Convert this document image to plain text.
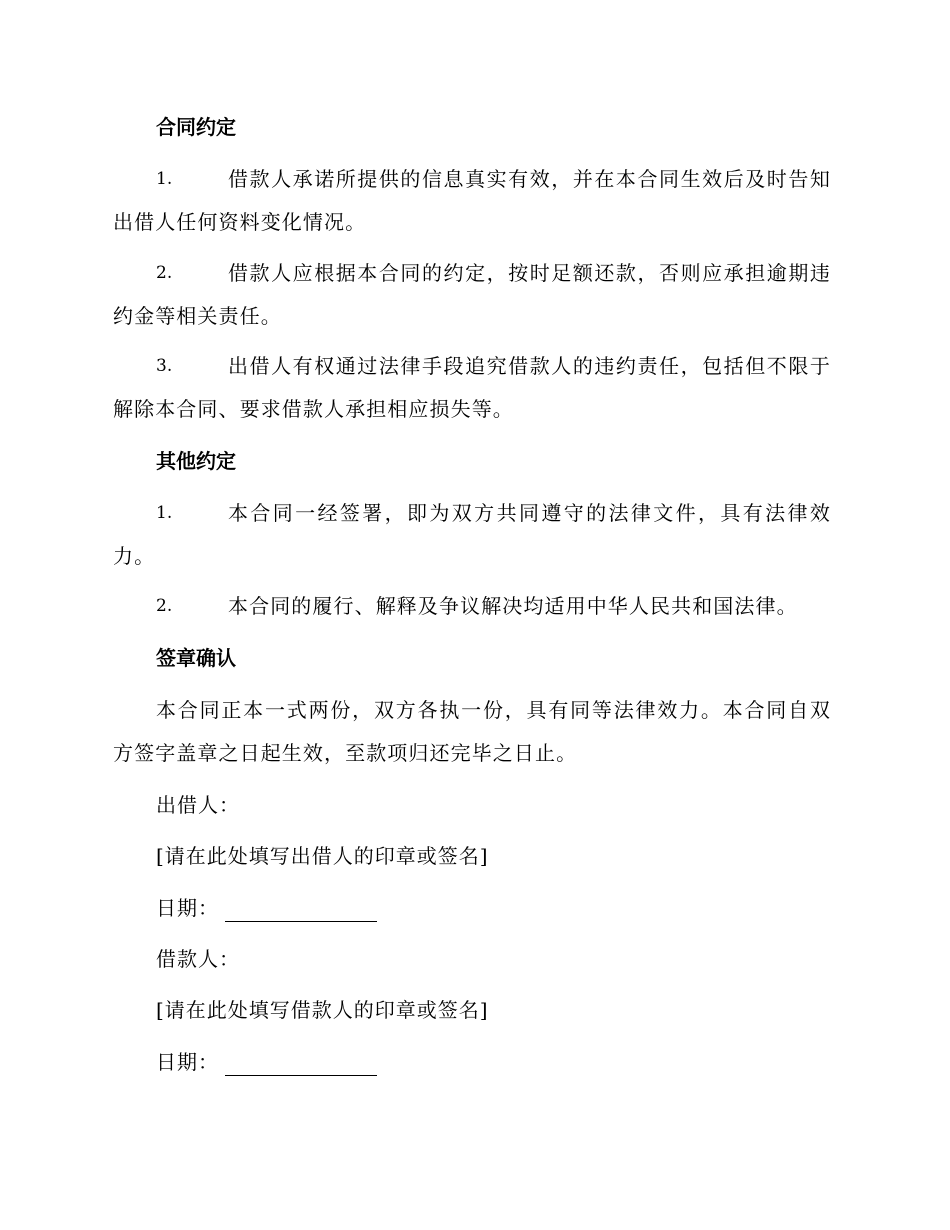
合同约定
1.	借款人承诺所提供的信息真实有效，并在本合同生效后及时告知出借人任何资料变化情况。
2.	借款人应根据本合同的约定，按时足额还款，否则应承担逾期违约金等相关责任。
3.	出借人有权通过法律手段追究借款人的违约责任，包括但不限于解除本合同、要求借款人承担相应损失等。
其他约定
1.	本合同一经签署，即为双方共同遵守的法律文件，具有法律效力。
2.	本合同的履行、解释及争议解决均适用中华人民共和国法律。
签章确认
本合同正本一式两份，双方各执一份，具有同等法律效力。本合同自双方签字盖章之日起生效，至款项归还完毕之日止。
出借人：
[请在此处填写出借人的印章或签名]
日期：
借款人：
[请在此处填写借款人的印章或签名]
日期：
